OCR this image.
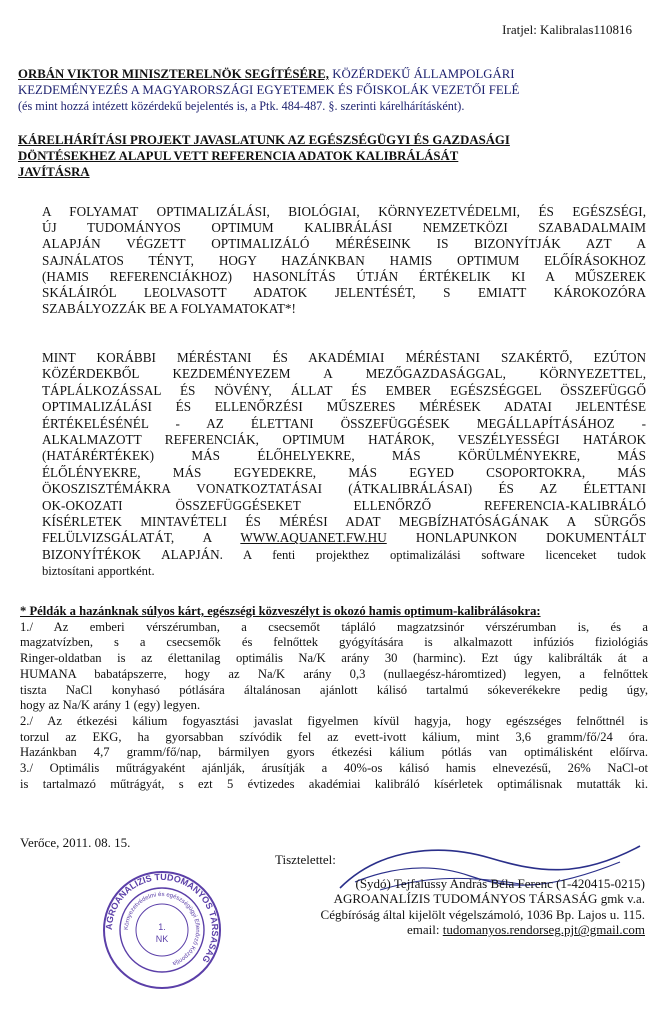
Iratjel: Kalibralas110816
ORBÁN VIKTOR MINISZTERELNÖK SEGÍTÉSÉRE, KÖZÉRDEKŰ ÁLLAMPOLGÁRI
KEZDEMÉNYEZÉS A MAGYARORSZÁGI EGYETEMEK ÉS FŐISKOLÁK VEZETŐI FELÉ
(és mint hozzá intézett közérdekű bejelentés is, a Ptk. 484-487. §. szerinti kárelhárításként).
KÁRELHÁRÍTÁSI PROJEKT JAVASLATUNK AZ EGÉSZSÉGÜGYI ÉS GAZDASÁGI
DÖNTÉSEKHEZ ALAPUL VETT REFERENCIA ADATOK KALIBRÁLÁSÁT
JAVÍTÁSRA
A FOLYAMAT OPTIMALIZÁLÁSI, BIOLÓGIAI, KÖRNYEZETVÉDELMI, ÉS EGÉSZSÉGI,
ÚJ TUDOMÁNYOS OPTIMUM KALIBRÁLÁSI NEMZETKÖZI SZABADALMAIM
ALAPJÁN VÉGZETT OPTIMALIZÁLÓ MÉRÉSEINK IS BIZONYÍTJÁK AZT A
SAJNÁLATOS TÉNYT, HOGY HAZÁNKBAN HAMIS OPTIMUM ELŐÍRÁSOKHOZ
(HAMIS REFERENCIÁKHOZ) HASONLÍTÁS ÚTJÁN ÉRTÉKELIK KI A MŰSZEREK
SKÁLÁIRÓL LEOLVASOTT ADATOK JELENTÉSÉT, S EMIATT KÁROKOZÓRA
SZABÁLYOZZÁK BE A FOLYAMATOKAT*!
MINT KORÁBBI MÉRÉSTANI ÉS AKADÉMIAI MÉRÉSTANI SZAKÉRTŐ, EZÚTON
KÖZÉRDEKBŐL KEZDEMÉNYEZEM A MEZŐGAZDASÁGGAL, KÖRNYEZETTEL,
TÁPLÁLKOZÁSSAL ÉS NÖVÉNY, ÁLLAT ÉS EMBER EGÉSZSÉGGEL ÖSSZEFÜGGŐ
OPTIMALIZÁLÁSI ÉS ELLENŐRZÉSI MŰSZERES MÉRÉSEK ADATAI JELENTÉSE
ÉRTÉKELÉSÉNÉL - AZ ÉLETTANI ÖSSZEFÜGGÉSEK MEGÁLLAPÍTÁSÁHOZ -
ALKALMAZOTT REFERENCIÁK, OPTIMUM HATÁROK, VESZÉLYESSÉGI HATÁROK
(HATÁRÉRTÉKEK) MÁS ÉLŐHELYEKRE, MÁS KÖRÜLMÉNYEKRE, MÁS
ÉLŐLÉNYEKRE, MÁS EGYEDEKRE, MÁS EGYED CSOPORTOKRA, MÁS
ÖKOSZISZTÉMÁKRA VONATKOZTATÁSAI (ÁTKALIBRÁLÁSAI) ÉS AZ ÉLETTANI
OK-OKOZATI ÖSSZEFÜGGÉSEKET ELLENŐRZŐ REFERENCIA-KALIBRÁLÓ
KÍSÉRLETEK MINTAVÉTELI ÉS MÉRÉSI ADAT MEGBÍZHATÓSÁGÁNAK A SÜRGŐS
FELÜLVIZSGÁLATÁT, A WWW.AQUANET.FW.HU HONLAPUNKON DOKUMENTÁLT
BIZONYÍTÉKOK ALAPJÁN. A fenti projekthez optimalizálási software licenceket tudok
biztosítani apportként.
* Példák a hazánknak súlyos kárt, egészségi közveszélyt is okozó hamis optimum-kalibrálásokra:
1./ Az emberi vérszérumban, a csecsemőt tápláló magzatzsinór vérszérumban is, és a
magzatvízben, s a csecsemők és felnőttek gyógyítására is alkalmazott infúziós fiziológiás
Ringer-oldatban is az élettanilag optimális Na/K arány 30 (harminc). Ezt úgy kalibrálták át a
HUMANA babatápszerre, hogy az Na/K arány 0,3 (nullaegész-háromtized) legyen, a felnőttek
tiszta NaCl konyhasó pótlására általánosan ajánlott kálisó tartalmú sókeverékekre pedig úgy,
hogy az Na/K arány 1 (egy) legyen.
2./ Az étkezési kálium fogyasztási javaslat figyelmen kívül hagyja, hogy egészséges felnőttnél is
torzul az EKG, ha gyorsabban szívódik fel az evett-ivott kálium, mint 3,6 gramm/fő/24 óra.
Hazánkban 4,7 gramm/fő/nap, bármilyen gyors étkezési kálium pótlás van optimálisként előírva.
3./ Optimális műtrágyaként ajánlják, árusítják a 40%-os kálisó hamis elnevezésű, 26% NaCl-ot
is tartalmazó műtrágyát, s ezt 5 évtizedes akadémiai kalibráló kísérletek optimálisnak mutatták ki.
Verőce, 2011. 08. 15.
Tisztelettel:
(Sydó) Tejfalussy András Béla Ferenc (1-420415-0215)
AGROANALÍZIS TUDOMÁNYOS TÁRSASÁG gmk v.a.
Cégbíróság által kijelölt végelszámoló, 1036 Bp. Lajos u. 115.
email: tudomanyos.rendorseg.pjt@gmail.com
AGROANALÍZIS TUDOMÁNYOS TÁRSASÁG
Környezetvédelmi és egészségügyi Ellenőrző Központja
1.
NK
